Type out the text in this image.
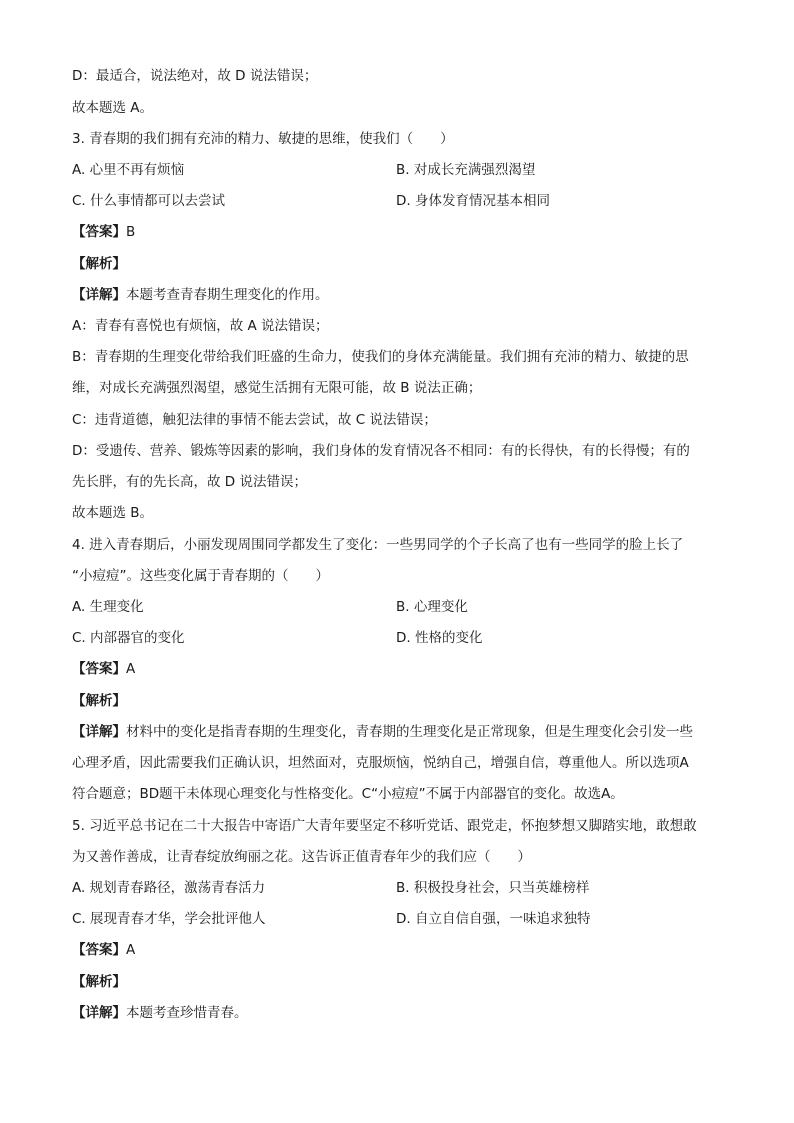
D：最适合，说法绝对，故 D 说法错误；
故本题选 A。
3. 青春期的我们拥有充沛的精力、敏捷的思维，使我们（　　）
A. 心里不再有烦恼	B. 对成长充满强烈渴望
C. 什么事情都可以去尝试	D. 身体发育情况基本相同
【答案】B
【解析】
【详解】本题考查青春期生理变化的作用。
A：青春有喜悦也有烦恼，故 A 说法错误；
B：青春期的生理变化带给我们旺盛的生命力，使我们的身体充满能量。我们拥有充沛的精力、敏捷的思
维，对成长充满强烈渴望，感觉生活拥有无限可能，故 B 说法正确；
C：违背道德，触犯法律的事情不能去尝试，故 C 说法错误；
D：受遗传、营养、锻炼等因素的影响，我们身体的发育情况各不相同：有的长得快，有的长得慢；有的
先长胖，有的先长高，故 D 说法错误；
故本题选 B。
4. 进入青春期后，小丽发现周围同学都发生了变化：一些男同学的个子长高了也有一些同学的脸上长了
“小痘痘”。这些变化属于青春期的（　　）
A. 生理变化	B. 心理变化
C. 内部器官的变化	D. 性格的变化
【答案】A
【解析】
【详解】材料中的变化是指青春期的生理变化，青春期的生理变化是正常现象，但是生理变化会引发一些
心理矛盾，因此需要我们正确认识，坦然面对，克服烦恼，悦纳自己，增强自信，尊重他人。所以选项A
符合题意；BD题干未体现心理变化与性格变化。C“小痘痘”不属于内部器官的变化。故选A。
5. 习近平总书记在二十大报告中寄语广大青年要坚定不移听党话、跟党走，怀抱梦想又脚踏实地，敢想敢
为又善作善成，让青春绽放绚丽之花。这告诉正值青春年少的我们应（　　）
A. 规划青春路径，激荡青春活力	B. 积极投身社会，只当英雄榜样
C. 展现青春才华，学会批评他人	D. 自立自信自强，一味追求独特
【答案】A
【解析】
【详解】本题考查珍惜青春。
